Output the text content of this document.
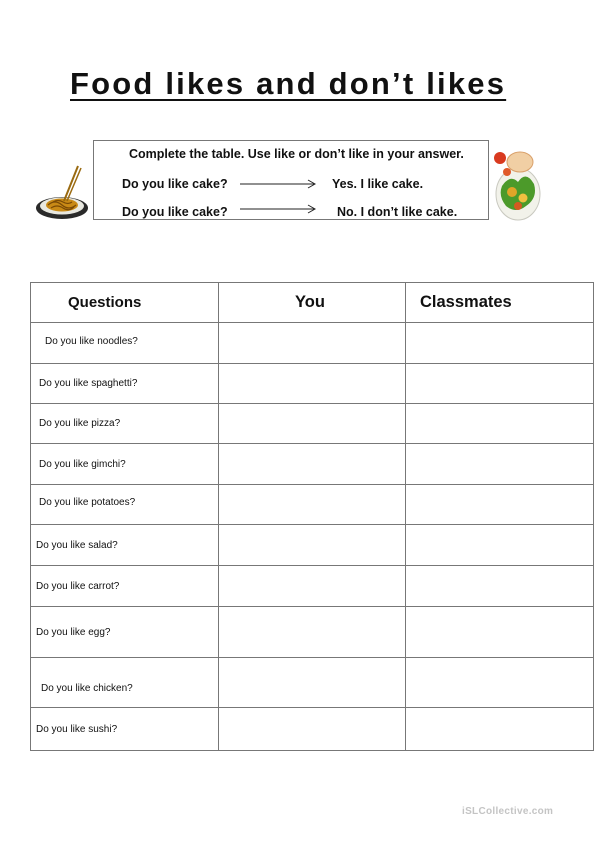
Food likes and don’t likes
Complete the table. Use like or don’t like in your answer.
Do you like cake?	Yes. I like cake.
Do you like cake?	No. I don’t like cake.
Questions	You	Classmates
Do you like noodles?		
Do you like spaghetti?		
Do you like pizza?		
Do you like gimchi?		
Do you like potatoes?		
Do you like salad?		
Do you like carrot?		
Do you like egg?		
Do you like chicken?		
Do you like sushi?		
iSLCollective.com
